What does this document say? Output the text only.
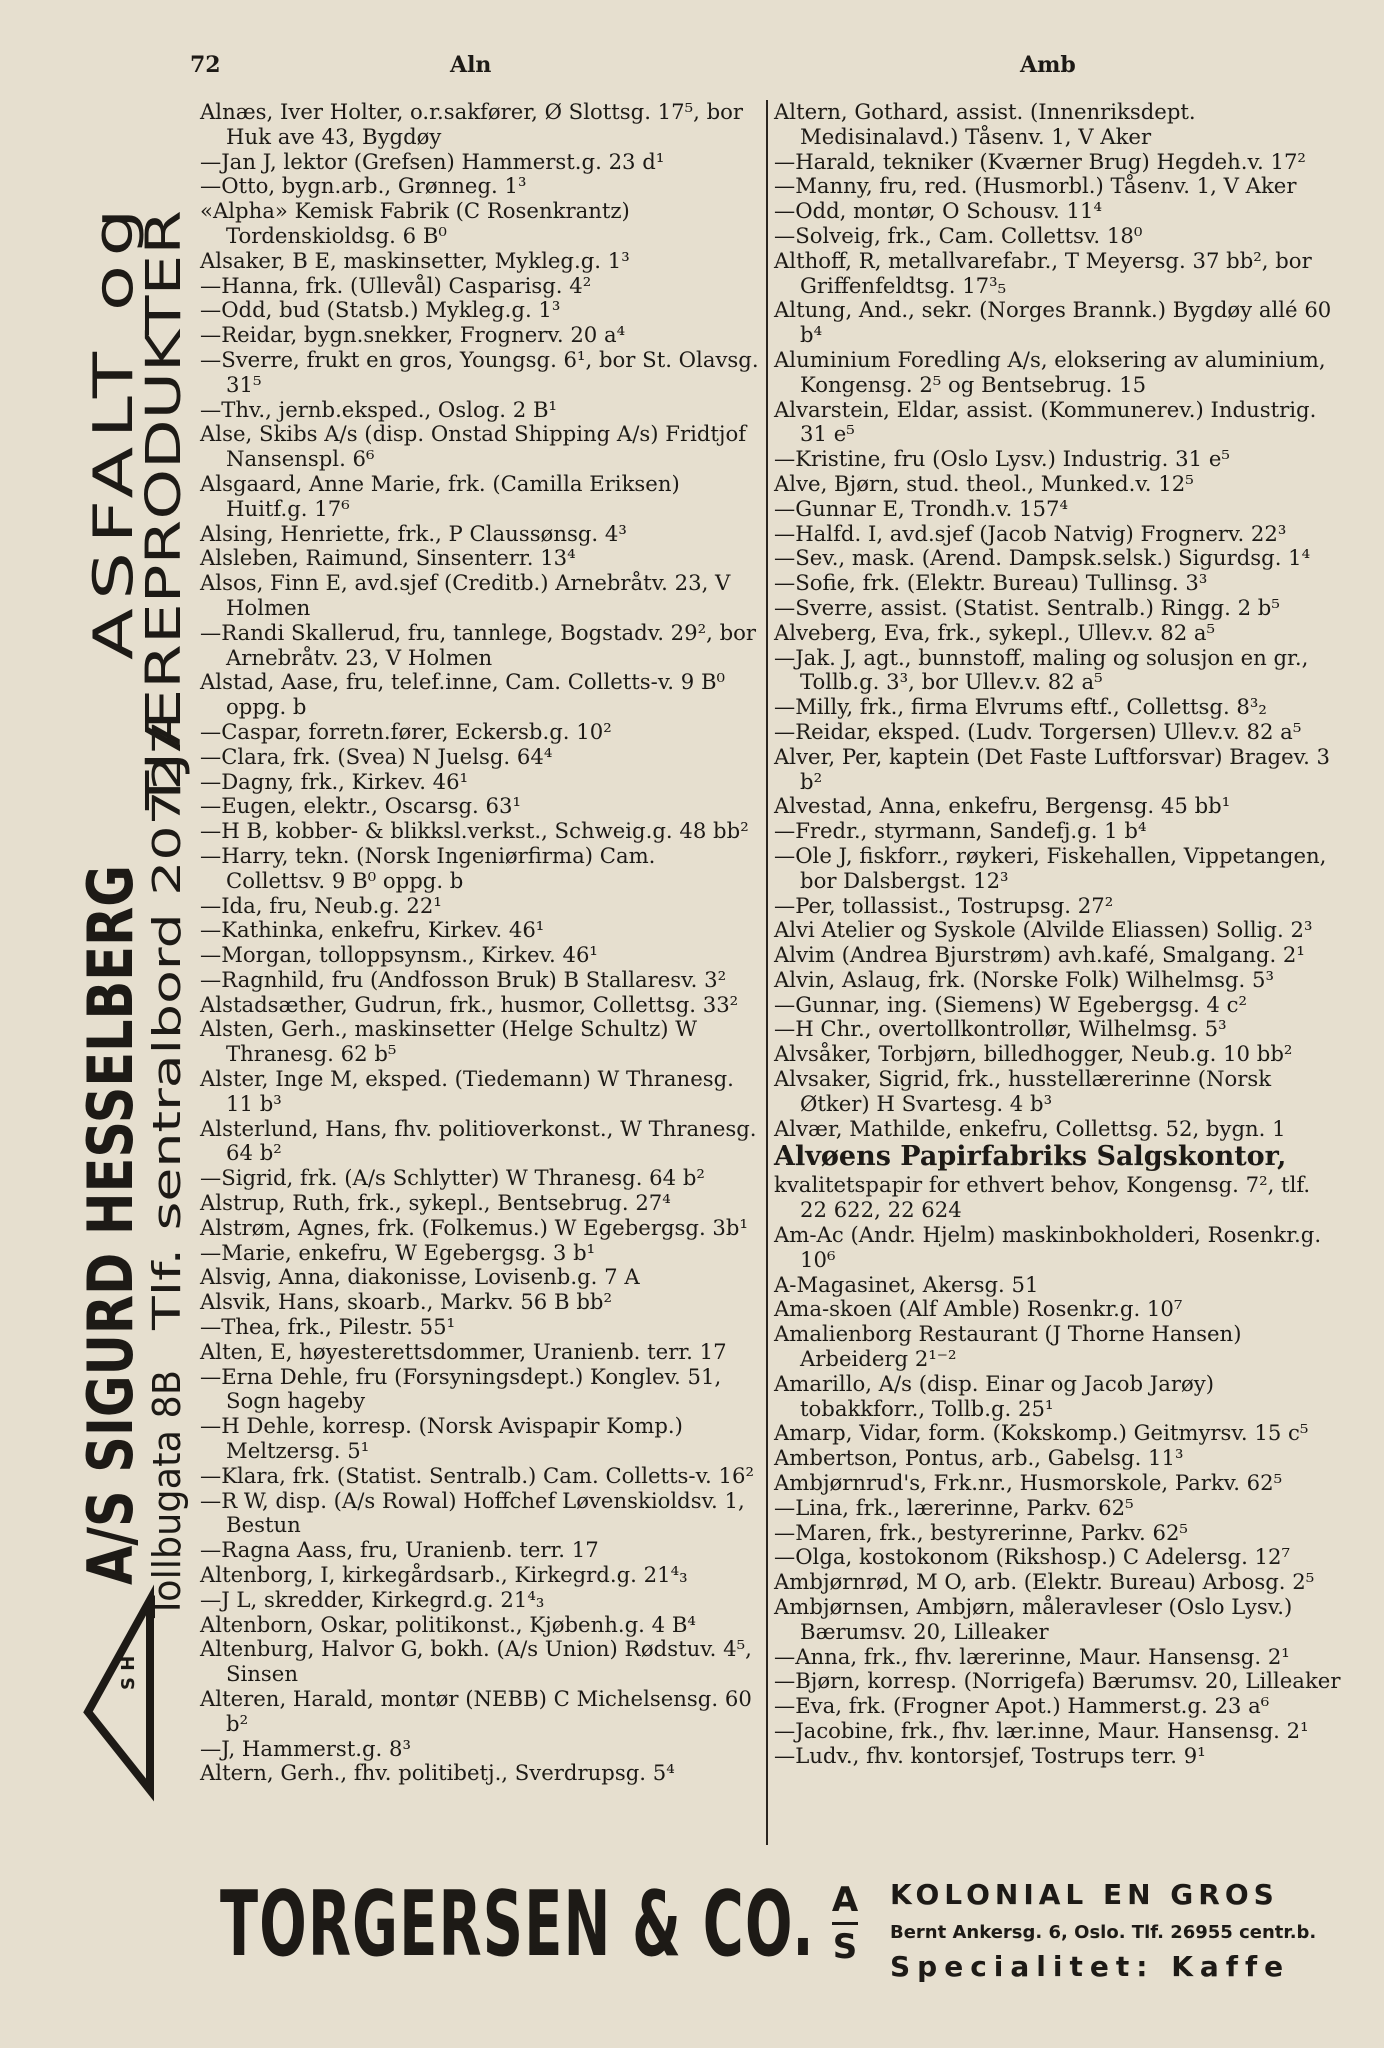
72	Aln	Amb
S H
A/S SIGURD HESSELBERG
Tollbugata 8B
Tlf. sentralbord 20727
ASFALT og
TJÆREPRODUKTER
Alnæs, Iver Holter, o.r.sakfører, Ø Slottsg. 17⁵, bor Huk ave 43, Bygdøy
—Jan J, lektor (Grefsen) Hammerst.g. 23 d¹
—Otto, bygn.arb., Grønneg. 1³
«Alpha» Kemisk Fabrik (C Rosenkrantz) Tordenskioldsg. 6 B⁰
Alsaker, B E, maskinsetter, Mykleg.g. 1³
—Hanna, frk. (Ullevål) Casparisg. 4²
—Odd, bud (Statsb.) Mykleg.g. 1³
—Reidar, bygn.snekker, Frognerv. 20 a⁴
—Sverre, frukt en gros, Youngsg. 6¹, bor St. Olavsg. 31⁵
—Thv., jernb.eksped., Oslog. 2 B¹
Alse, Skibs A/s (disp. Onstad Shipping A/s) Fridtjof Nansenspl. 6⁶
Alsgaard, Anne Marie, frk. (Camilla Eriksen) Huitf.g. 17⁶
Alsing, Henriette, frk., P Claussønsg. 4³
Alsleben, Raimund, Sinsenterr. 13⁴
Alsos, Finn E, avd.sjef (Creditb.) Arnebråtv. 23, V Holmen
—Randi Skallerud, fru, tannlege, Bogstadv. 29², bor Arnebråtv. 23, V Holmen
Alstad, Aase, fru, telef.inne, Cam. Colletts-v. 9 B⁰ oppg. b
—Caspar, forretn.fører, Eckersb.g. 10²
—Clara, frk. (Svea) N Juelsg. 64⁴
—Dagny, frk., Kirkev. 46¹
—Eugen, elektr., Oscarsg. 63¹
—H B, kobber- & blikksl.verkst., Schweig.g. 48 bb²
—Harry, tekn. (Norsk Ingeniørfirma) Cam. Collettsv. 9 B⁰ oppg. b
—Ida, fru, Neub.g. 22¹
—Kathinka, enkefru, Kirkev. 46¹
—Morgan, tolloppsynsm., Kirkev. 46¹
—Ragnhild, fru (Andfosson Bruk) B Stallaresv. 3²
Alstadsæther, Gudrun, frk., husmor, Collettsg. 33²
Alsten, Gerh., maskinsetter (Helge Schultz) W Thranesg. 62 b⁵
Alster, Inge M, eksped. (Tiedemann) W Thranesg. 11 b³
Alsterlund, Hans, fhv. politioverkonst., W Thranesg. 64 b²
—Sigrid, frk. (A/s Schlytter) W Thranesg. 64 b²
Alstrup, Ruth, frk., sykepl., Bentsebrug. 27⁴
Alstrøm, Agnes, frk. (Folkemus.) W Egebergsg. 3b¹
—Marie, enkefru, W Egebergsg. 3 b¹
Alsvig, Anna, diakonisse, Lovisenb.g. 7 A
Alsvik, Hans, skoarb., Markv. 56 B bb²
—Thea, frk., Pilestr. 55¹
Alten, E, høyesterettsdommer, Uranienb. terr. 17
—Erna Dehle, fru (Forsyningsdept.) Konglev. 51, Sogn hageby
—H Dehle, korresp. (Norsk Avispapir Komp.) Meltzersg. 5¹
—Klara, frk. (Statist. Sentralb.) Cam. Colletts-v. 16²
—R W, disp. (A/s Rowal) Hoffchef Løvenskioldsv. 1, Bestun
—Ragna Aass, fru, Uranienb. terr. 17
Altenborg, I, kirkegårdsarb., Kirkegrd.g. 21⁴₃
—J L, skredder, Kirkegrd.g. 21⁴₃
Altenborn, Oskar, politikonst., Kjøbenh.g. 4 B⁴
Altenburg, Halvor G, bokh. (A/s Union) Rødstuv. 4⁵, Sinsen
Alteren, Harald, montør (NEBB) C Michelsensg. 60 b²
—J, Hammerst.g. 8³
Altern, Gerh., fhv. politibetj., Sverdrupsg. 5⁴
Altern, Gothard, assist. (Innenriksdept. Medisinalavd.) Tåsenv. 1, V Aker
—Harald, tekniker (Kværner Brug) Hegdeh.v. 17²
—Manny, fru, red. (Husmorbl.) Tåsenv. 1, V Aker
—Odd, montør, O Schousv. 11⁴
—Solveig, frk., Cam. Collettsv. 18⁰
Althoff, R, metallvarefabr., T Meyersg. 37 bb², bor Griffenfeldtsg. 17³₅
Altung, And., sekr. (Norges Brannk.) Bygdøy allé 60 b⁴
Aluminium Foredling A/s, eloksering av aluminium, Kongensg. 2⁵ og Bentsebrug. 15
Alvarstein, Eldar, assist. (Kommunerev.) Industrig. 31 e⁵
—Kristine, fru (Oslo Lysv.) Industrig. 31 e⁵
Alve, Bjørn, stud. theol., Munked.v. 12⁵
—Gunnar E, Trondh.v. 157⁴
—Halfd. I, avd.sjef (Jacob Natvig) Frognerv. 22³
—Sev., mask. (Arend. Dampsk.selsk.) Sigurdsg. 1⁴
—Sofie, frk. (Elektr. Bureau) Tullinsg. 3³
—Sverre, assist. (Statist. Sentralb.) Ringg. 2 b⁵
Alveberg, Eva, frk., sykepl., Ullev.v. 82 a⁵
—Jak. J, agt., bunnstoff, maling og solusjon en gr., Tollb.g. 3³, bor Ullev.v. 82 a⁵
—Milly, frk., firma Elvrums eftf., Collettsg. 8³₂
—Reidar, eksped. (Ludv. Torgersen) Ullev.v. 82 a⁵
Alver, Per, kaptein (Det Faste Luftforsvar) Bragev. 3 b²
Alvestad, Anna, enkefru, Bergensg. 45 bb¹
—Fredr., styrmann, Sandefj.g. 1 b⁴
—Ole J, fiskforr., røykeri, Fiskehallen, Vippetangen, bor Dalsbergst. 12³
—Per, tollassist., Tostrupsg. 27²
Alvi Atelier og Syskole (Alvilde Eliassen) Sollig. 2³
Alvim (Andrea Bjurstrøm) avh.kafé, Smalgang. 2¹
Alvin, Aslaug, frk. (Norske Folk) Wilhelmsg. 5³
—Gunnar, ing. (Siemens) W Egebergsg. 4 c²
—H Chr., overtollkontrollør, Wilhelmsg. 5³
Alvsåker, Torbjørn, billedhogger, Neub.g. 10 bb²
Alvsaker, Sigrid, frk., husstellærerinne (Norsk Øtker) H Svartesg. 4 b³
Alvær, Mathilde, enkefru, Collettsg. 52, bygn. 1
Alvøens Papirfabriks Salgskontor,
kvalitetspapir for ethvert behov, Kongensg. 7², tlf. 22 622, 22 624
Am-Ac (Andr. Hjelm) maskinbokholderi, Rosenkr.g. 10⁶
A-Magasinet, Akersg. 51
Ama-skoen (Alf Amble) Rosenkr.g. 10⁷
Amalienborg Restaurant (J Thorne Hansen) Arbeiderg 2¹⁻²
Amarillo, A/s (disp. Einar og Jacob Jarøy) tobakkforr., Tollb.g. 25¹
Amarp, Vidar, form. (Kokskomp.) Geitmyrsv. 15 c⁵
Ambertson, Pontus, arb., Gabelsg. 11³
Ambjørnrud's, Frk.nr., Husmorskole, Parkv. 62⁵
—Lina, frk., lærerinne, Parkv. 62⁵
—Maren, frk., bestyrerinne, Parkv. 62⁵
—Olga, kostokonom (Rikshosp.) C Adelersg. 12⁷
Ambjørnrød, M O, arb. (Elektr. Bureau) Arbosg. 2⁵
Ambjørnsen, Ambjørn, måleravleser (Oslo Lysv.) Bærumsv. 20, Lilleaker
—Anna, frk., fhv. lærerinne, Maur. Hansensg. 2¹
—Bjørn, korresp. (Norrigefa) Bærumsv. 20, Lilleaker
—Eva, frk. (Frogner Apot.) Hammerst.g. 23 a⁶
—Jacobine, frk., fhv. lær.inne, Maur. Hansensg. 2¹
—Ludv., fhv. kontorsjef, Tostrups terr. 9¹
TORGERSEN & CO. A
S
KOLONIAL EN GROS
Bernt Ankersg. 6, Oslo. Tlf. 26955 centr.b.
Specialitet: Kaffe
